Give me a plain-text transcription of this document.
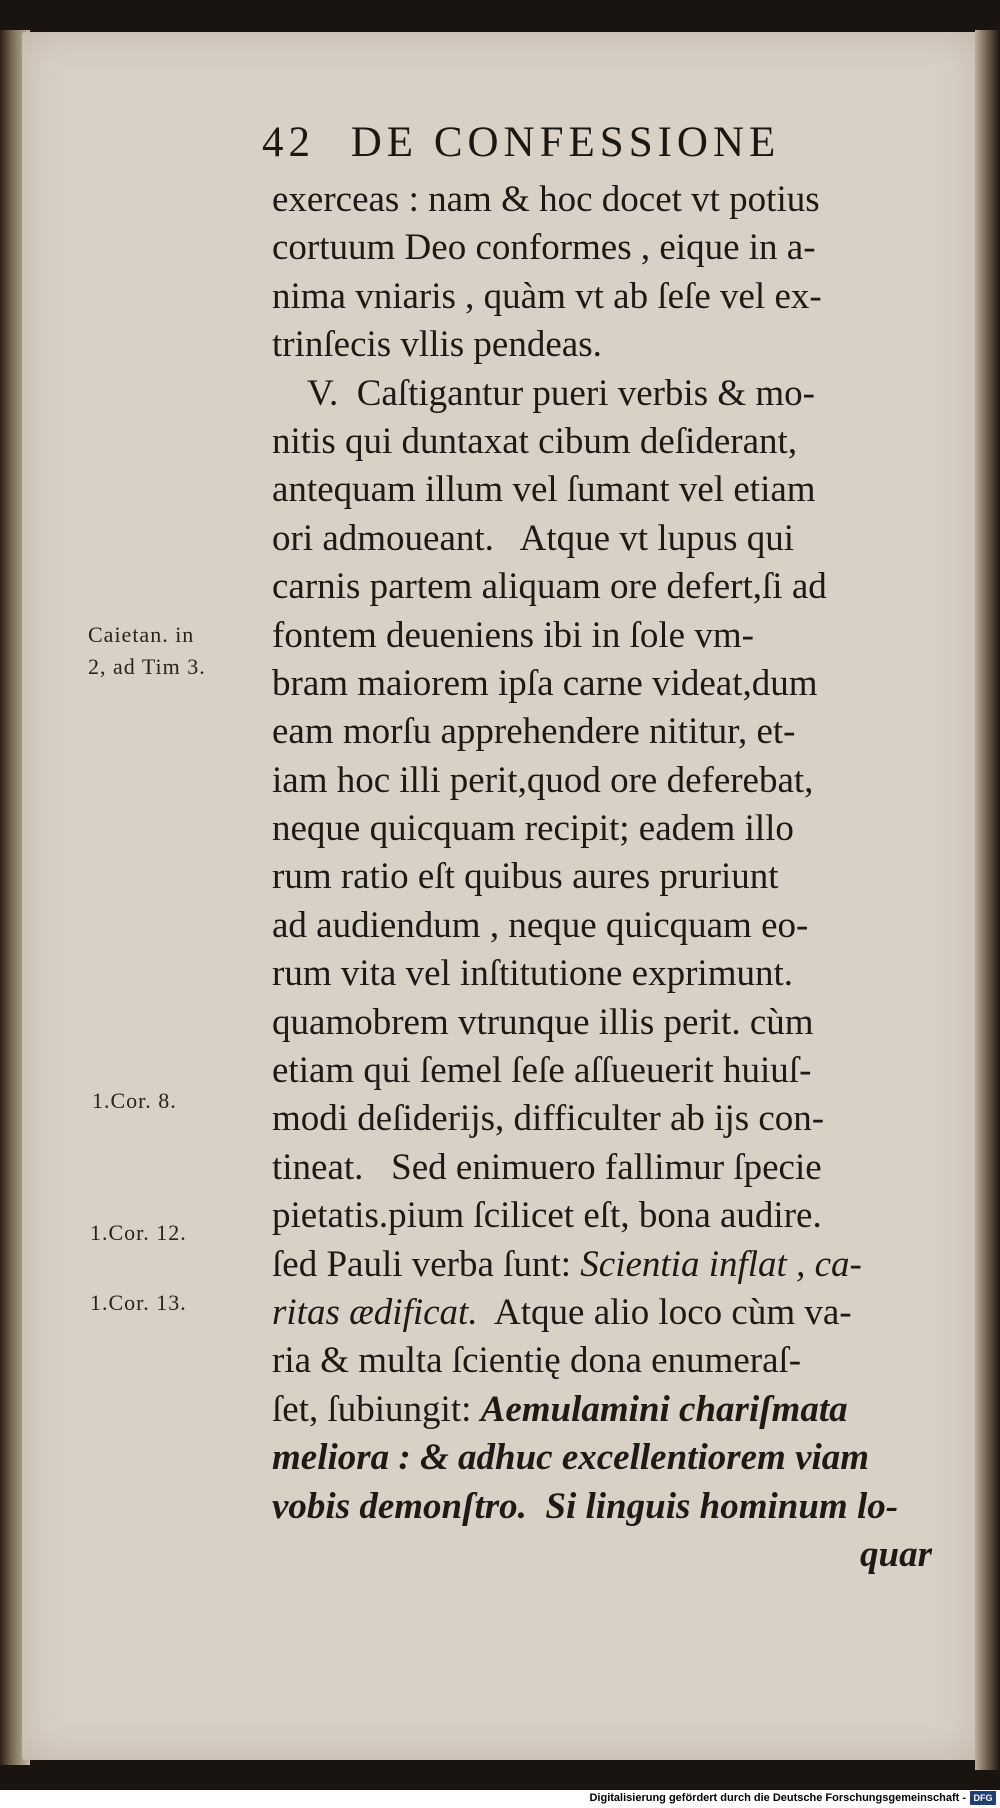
42 DE CONFESSIONE
exerceas : nam & hoc docet vt potius
cortuum Deo conformes , eique in a-
nima vniaris , quàm vt ab ſeſe vel ex-
trinſecis vllis pendeas.
V.  Caſtigantur pueri verbis & mo-
nitis qui duntaxat cibum deſiderant,
antequam illum vel ſumant vel etiam
ori admoueant.   Atque vt lupus qui
carnis partem aliquam ore defert,ſi ad
fontem deueniens ibi in ſole vm-
bram maiorem ipſa carne videat,dum
eam morſu apprehendere nititur, et-
iam hoc illi perit,quod ore deferebat,
neque quicquam recipit; eadem illo
rum ratio eſt quibus aures pruriunt
ad audiendum , neque quicquam eo-
rum vita vel inſtitutione exprimunt.
quamobrem vtrunque illis perit. cùm
etiam qui ſemel ſeſe aſſueuerit huiuſ-
modi deſiderijs, difficulter ab ijs con-
tineat.   Sed enimuero fallimur ſpecie
pietatis.pium ſcilicet eſt, bona audire.
ſed Pauli verba ſunt: Scientia inflat , ca-
ritas ædificat. Atque alio loco cùm va-
ria & multa ſcientię dona enumeraſ-
ſet, ſubiungit: Aemulamini chariſmata
meliora : & adhuc excellentiorem viam
vobis demonſtro.  Si linguis hominum lo-
quar
Caietan. in
2, ad Tim 3.
1.Cor. 8.
1.Cor. 12.
1.Cor. 13.
Digitalisierung gefördert durch die Deutsche Forschungsgemeinschaft - DFG
